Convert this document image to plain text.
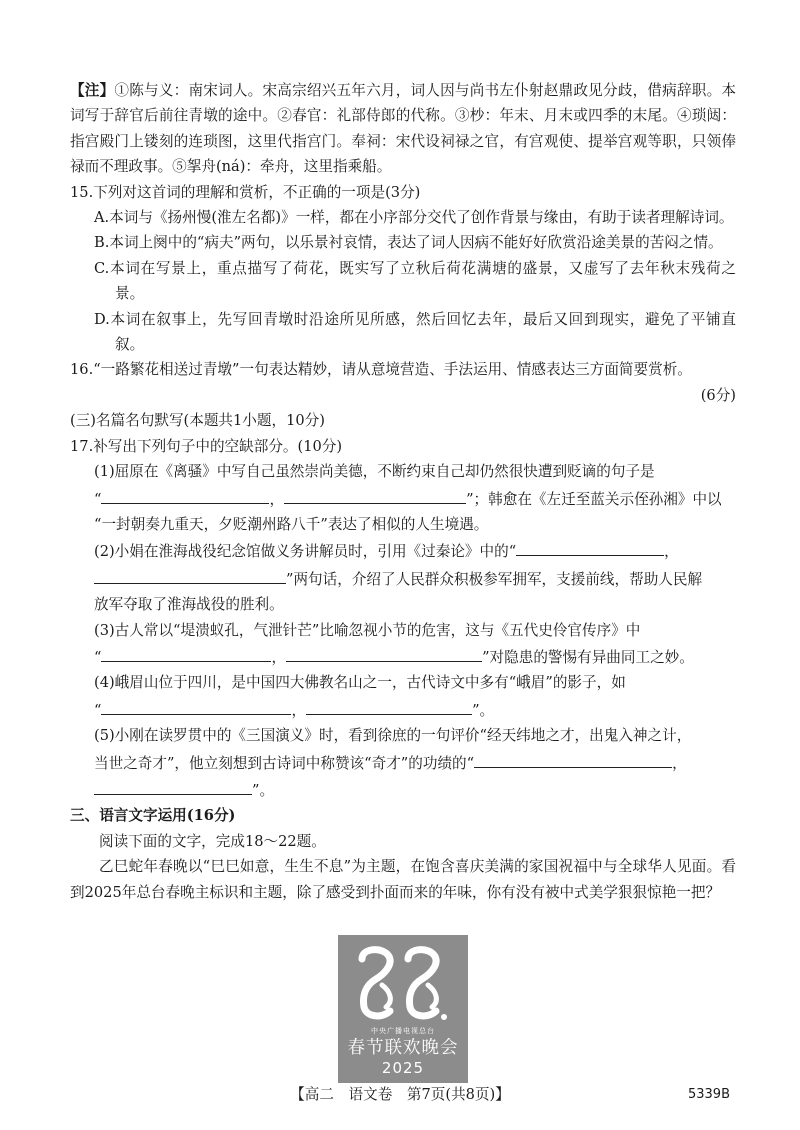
【注】①陈与义：南宋词人。宋高宗绍兴五年六月，词人因与尚书左仆射赵鼎政见分歧，借病辞职。本词写于辞官后前往青墩的途中。②春官：礼部侍郎的代称。③杪：年末、月末或四季的末尾。④琐闼：指宫殿门上镂刻的连琐图，这里代指宫门。奉祠：宋代设祠禄之官，有宫观使、提举宫观等职，只领俸禄而不理政事。⑤挐舟(ná)：牵舟，这里指乘船。

15.下列对这首词的理解和赏析，不正确的一项是(3分)

A.本词与《扬州慢(淮左名都)》一样，都在小序部分交代了创作背景与缘由，有助于读者理解诗词。

B.本词上阕中的“病夫”两句，以乐景衬哀情，表达了词人因病不能好好欣赏沿途美景的苦闷之情。

C.本词在写景上，重点描写了荷花，既实写了立秋后荷花满塘的盛景，又虚写了去年秋末残荷之景。

D.本词在叙事上，先写回青墩时沿途所见所感，然后回忆去年，最后又回到现实，避免了平铺直叙。

16.“一路繁花相送过青墩”一句表达精妙，请从意境营造、手法运用、情感表达三方面简要赏析。

(6分)

(三)名篇名句默写(本题共1小题，10分)

17.补写出下列句子中的空缺部分。(10分)

(1)屈原在《离骚》中写自己虽然崇尚美德，不断约束自己却仍然很快遭到贬谪的句子是

“	，	”；韩愈在《左迁至蓝关示侄孙湘》中以

“一封朝奏九重天，夕贬潮州路八千”表达了相似的人生境遇。

(2)小娟在淮海战役纪念馆做义务讲解员时，引用《过秦论》中的“	，

”两句话，介绍了人民群众积极参军拥军，支援前线，帮助人民解

放军夺取了淮海战役的胜利。

(3)古人常以“堤溃蚁孔，气泄针芒”比喻忽视小节的危害，这与《五代史伶官传序》中

“	，	”对隐患的警惕有异曲同工之妙。

(4)峨眉山位于四川，是中国四大佛教名山之一，古代诗文中多有“峨眉”的影子，如

“	，	”。

(5)小刚在读罗贯中的《三国演义》时，看到徐庶的一句评价“经天纬地之才，出鬼入神之计，

当世之奇才”，他立刻想到古诗词中称赞该“奇才”的功绩的“	，

”。

三、语言文字运用(16分)

阅读下面的文字，完成18～22题。

乙巳蛇年春晚以“巳巳如意，生生不息”为主题，在饱含喜庆美满的家国祝福中与全球华人见面。看到2025年总台春晚主标识和主题，除了感受到扑面而来的年味，你有没有被中式美学狠狠惊艳一把？

中央广播电视总台
春节联欢晚会
2025
【高二　语文卷　第7页(共8页)】	5339B
